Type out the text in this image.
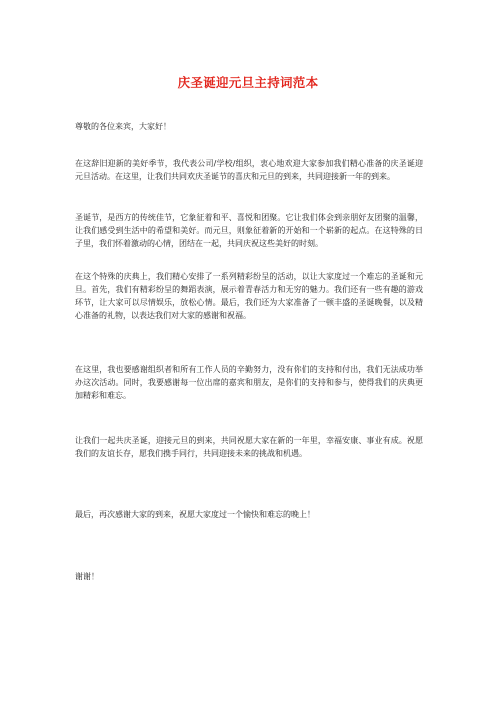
庆圣诞迎元旦主持词范本

尊敬的各位来宾，大家好！

在这辞旧迎新的美好季节，我代表公司/学校/组织，衷心地欢迎大家参加我们精心准备的庆圣诞迎元旦活动。在这里，让我们共同欢庆圣诞节的喜庆和元旦的到来，共同迎接新一年的到来。

圣诞节，是西方的传统佳节，它象征着和平、喜悦和团聚。它让我们体会到亲朋好友团聚的温馨，让我们感受到生活中的希望和美好。而元旦，则象征着新的开始和一个崭新的起点。在这特殊的日子里，我们怀着激动的心情，团结在一起，共同庆祝这些美好的时刻。

在这个特殊的庆典上，我们精心安排了一系列精彩纷呈的活动，以让大家度过一个难忘的圣诞和元旦。首先，我们有精彩纷呈的舞蹈表演，展示着青春活力和无穷的魅力。我们还有一些有趣的游戏环节，让大家可以尽情娱乐，放松心情。最后，我们还为大家准备了一顿丰盛的圣诞晚餐，以及精心准备的礼物，以表达我们对大家的感谢和祝福。

在这里，我也要感谢组织者和所有工作人员的辛勤努力，没有你们的支持和付出，我们无法成功举办这次活动。同时，我要感谢每一位出席的嘉宾和朋友，是你们的支持和参与，使得我们的庆典更加精彩和难忘。

让我们一起共庆圣诞，迎接元旦的到来，共同祝愿大家在新的一年里，幸福安康、事业有成。祝愿我们的友谊长存，愿我们携手同行，共同迎接未来的挑战和机遇。

最后，再次感谢大家的到来，祝愿大家度过一个愉快和难忘的晚上！

谢谢！
